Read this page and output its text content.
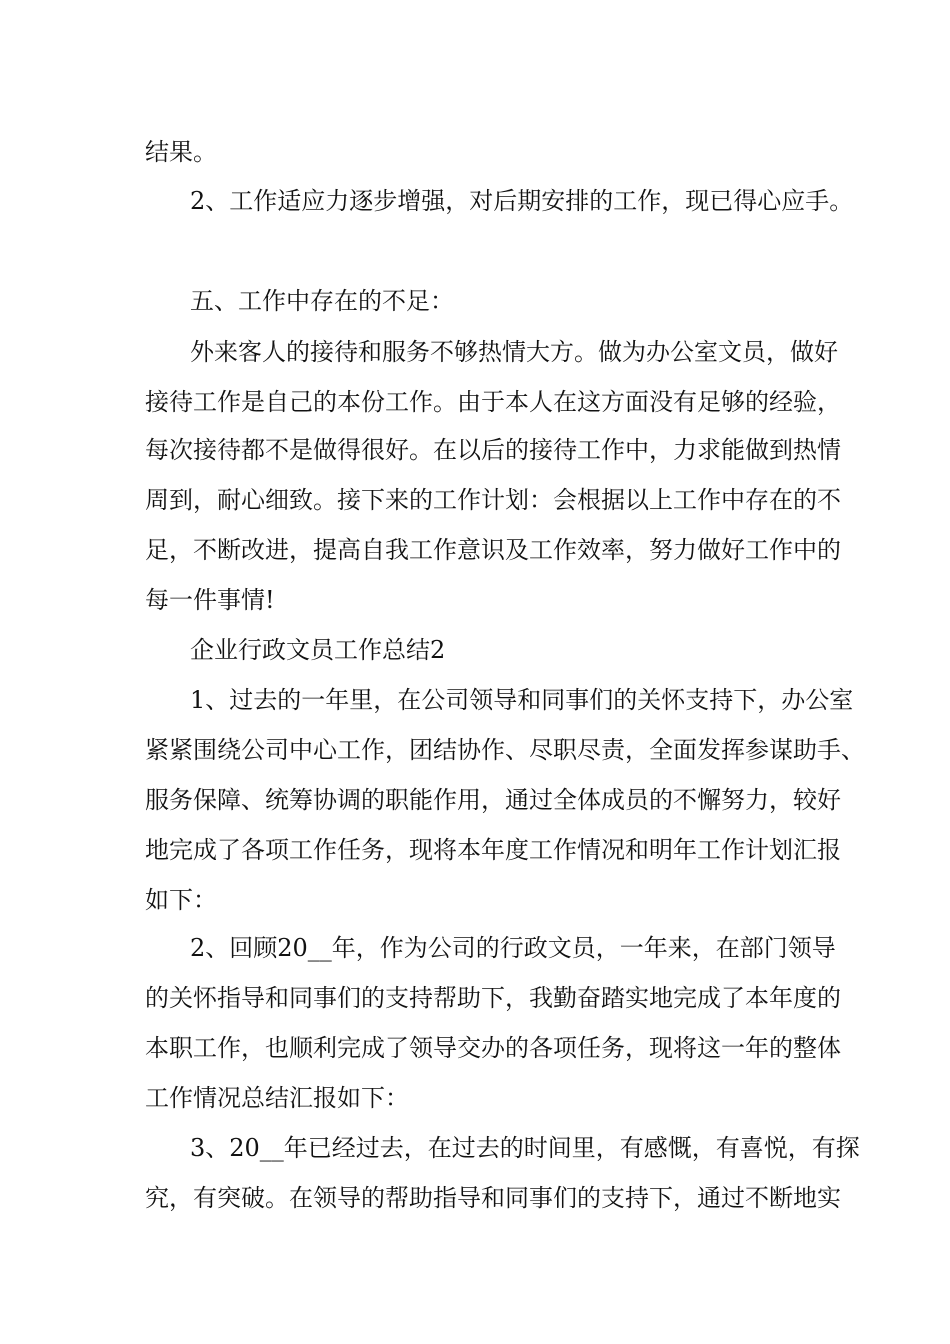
结果。
2、工作适应力逐步增强，对后期安排的工作，现已得心应手。
五、工作中存在的不足：
外来客人的接待和服务不够热情大方。做为办公室文员，做好
接待工作是自己的本份工作。由于本人在这方面没有足够的经验，
每次接待都不是做得很好。在以后的接待工作中，力求能做到热情
周到，耐心细致。接下来的工作计划：会根据以上工作中存在的不
足，不断改进，提高自我工作意识及工作效率，努力做好工作中的
每一件事情!
企业行政文员工作总结2
1、过去的一年里，在公司领导和同事们的关怀支持下，办公室
紧紧围绕公司中心工作，团结协作、尽职尽责，全面发挥参谋助手、
服务保障、统筹协调的职能作用，通过全体成员的不懈努力，较好
地完成了各项工作任务，现将本年度工作情况和明年工作计划汇报
如下：
2、回顾20__年，作为公司的行政文员，一年来，在部门领导
的关怀指导和同事们的支持帮助下，我勤奋踏实地完成了本年度的
本职工作，也顺利完成了领导交办的各项任务，现将这一年的整体
工作情况总结汇报如下：
3、20__年已经过去，在过去的时间里，有感慨，有喜悦，有探
究，有突破。在领导的帮助指导和同事们的支持下，通过不断地实
